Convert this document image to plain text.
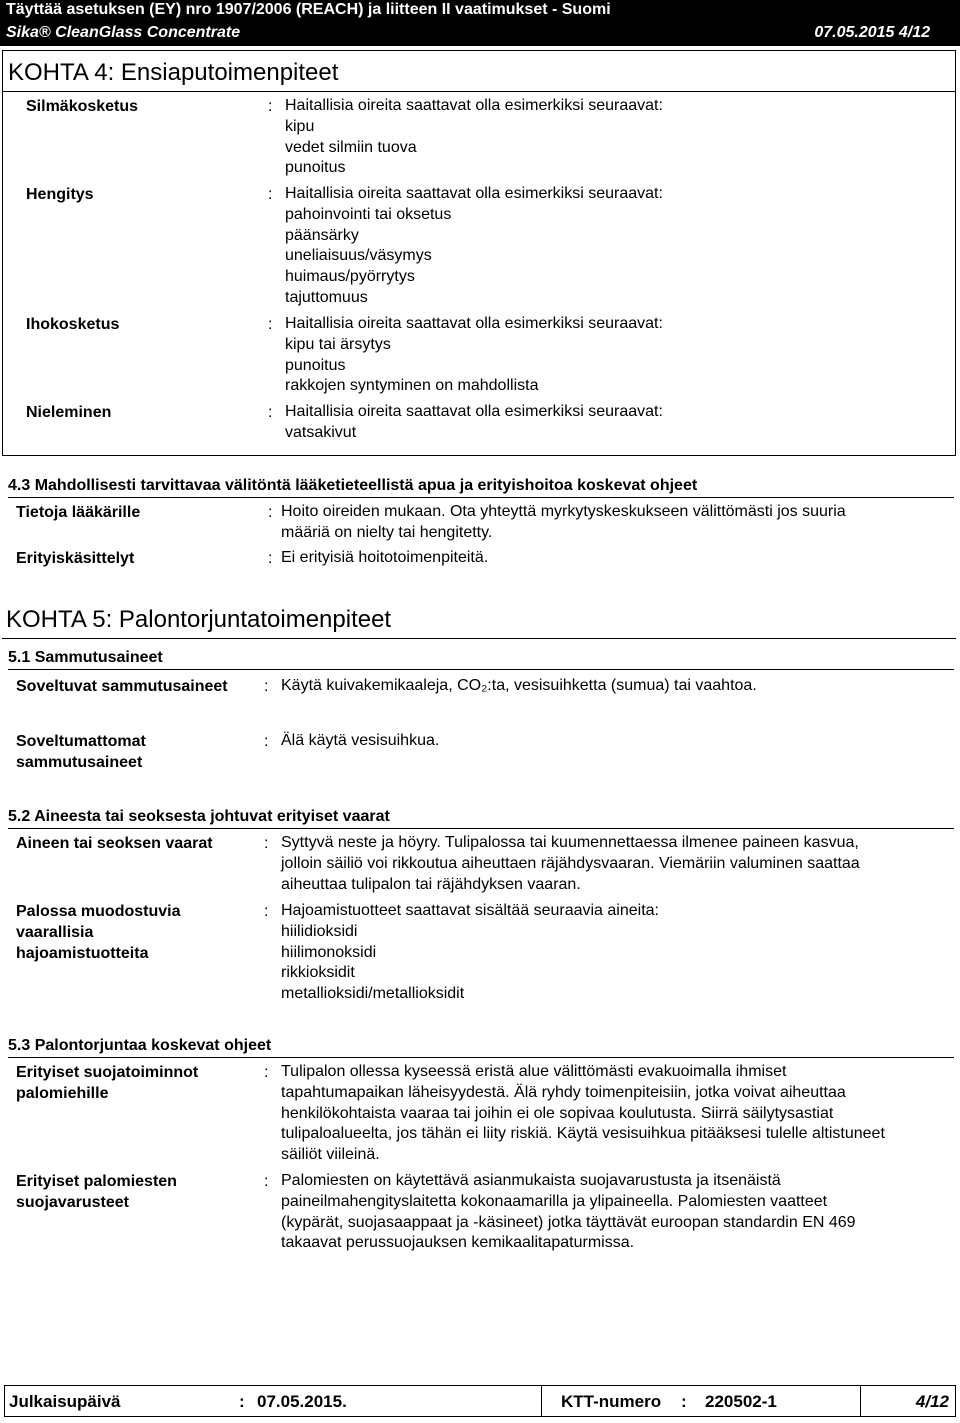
Täyttää asetuksen (EY) nro 1907/2006 (REACH) ja liitteen II vaatimukset - Suomi
Sika® CleanGlass Concentrate	07.05.2015 4/12
KOHTA 4: Ensiaputoimenpiteet
Silmäkosketus	: Haitallisia oireita saattavat olla esimerkiksi seuraavat:
kipu
vedet silmiin tuova
punoitus
Hengitys	: Haitallisia oireita saattavat olla esimerkiksi seuraavat:
pahoinvointi tai oksetus
päänsärky
uneliaisuus/väsymys
huimaus/pyörrytys
tajuttomuus
Ihokosketus	: Haitallisia oireita saattavat olla esimerkiksi seuraavat:
kipu tai ärsytys
punoitus
rakkojen syntyminen on mahdollista
Nieleminen	: Haitallisia oireita saattavat olla esimerkiksi seuraavat:
vatsakivut
4.3 Mahdollisesti tarvittavaa välitöntä lääketieteellistä apua ja erityishoitoa koskevat ohjeet
Tietoja lääkärille	: Hoito oireiden mukaan. Ota yhteyttä myrkytyskeskukseen välittömästi jos suuria
määriä on nielty tai hengitetty.
Erityiskäsittelyt	: Ei erityisiä hoitotoimenpiteitä.
KOHTA 5: Palontorjuntatoimenpiteet
5.1 Sammutusaineet
Soveltuvat sammutusaineet : Käytä kuivakemikaaleja, CO₂:ta, vesisuihketta (sumua) tai vaahtoa.
Soveltumattomat
sammutusaineet
: Älä käytä vesisuihkua.
5.2 Aineesta tai seoksesta johtuvat erityiset vaarat
Aineen tai seoksen vaarat	: Syttyvä neste ja höyry. Tulipalossa tai kuumennettaessa ilmenee paineen kasvua,
jolloin säiliö voi rikkoutua aiheuttaen räjähdysvaaran. Viemäriin valuminen saattaa
aiheuttaa tulipalon tai räjähdyksen vaaran.
Palossa muodostuvia
vaarallisia
hajoamistuotteita
: Hajoamistuotteet saattavat sisältää seuraavia aineita:
hiilidioksidi
hiilimonoksidi
rikkioksidit
metallioksidi/metallioksidit
5.3 Palontorjuntaa koskevat ohjeet
Erityiset suojatoiminnot
palomiehille
: Tulipalon ollessa kyseessä eristä alue välittömästi evakuoimalla ihmiset
tapahtumapaikan läheisyydestä. Älä ryhdy toimenpiteisiin, jotka voivat aiheuttaa
henkilökohtaista vaaraa tai joihin ei ole sopivaa koulutusta. Siirrä säilytysastiat
tulipaloalueelta, jos tähän ei liity riskiä. Käytä vesisuihkua pitääksesi tulelle altistuneet
säiliöt viileinä.
Erityiset palomiesten
suojavarusteet
: Palomiesten on käytettävä asianmukaista suojavarustusta ja itsenäistä
paineilmahengityslaitetta kokonaamarilla ja ylipaineella. Palomiesten vaatteet
(kypärät, suojasaappaat ja -käsineet) jotka täyttävät euroopan standardin EN 469
takaavat perussuojauksen kemikaalitapaturmissa.
Julkaisupäivä	: 07.05.2015.	KTT-numero : 220502-1	4/12
